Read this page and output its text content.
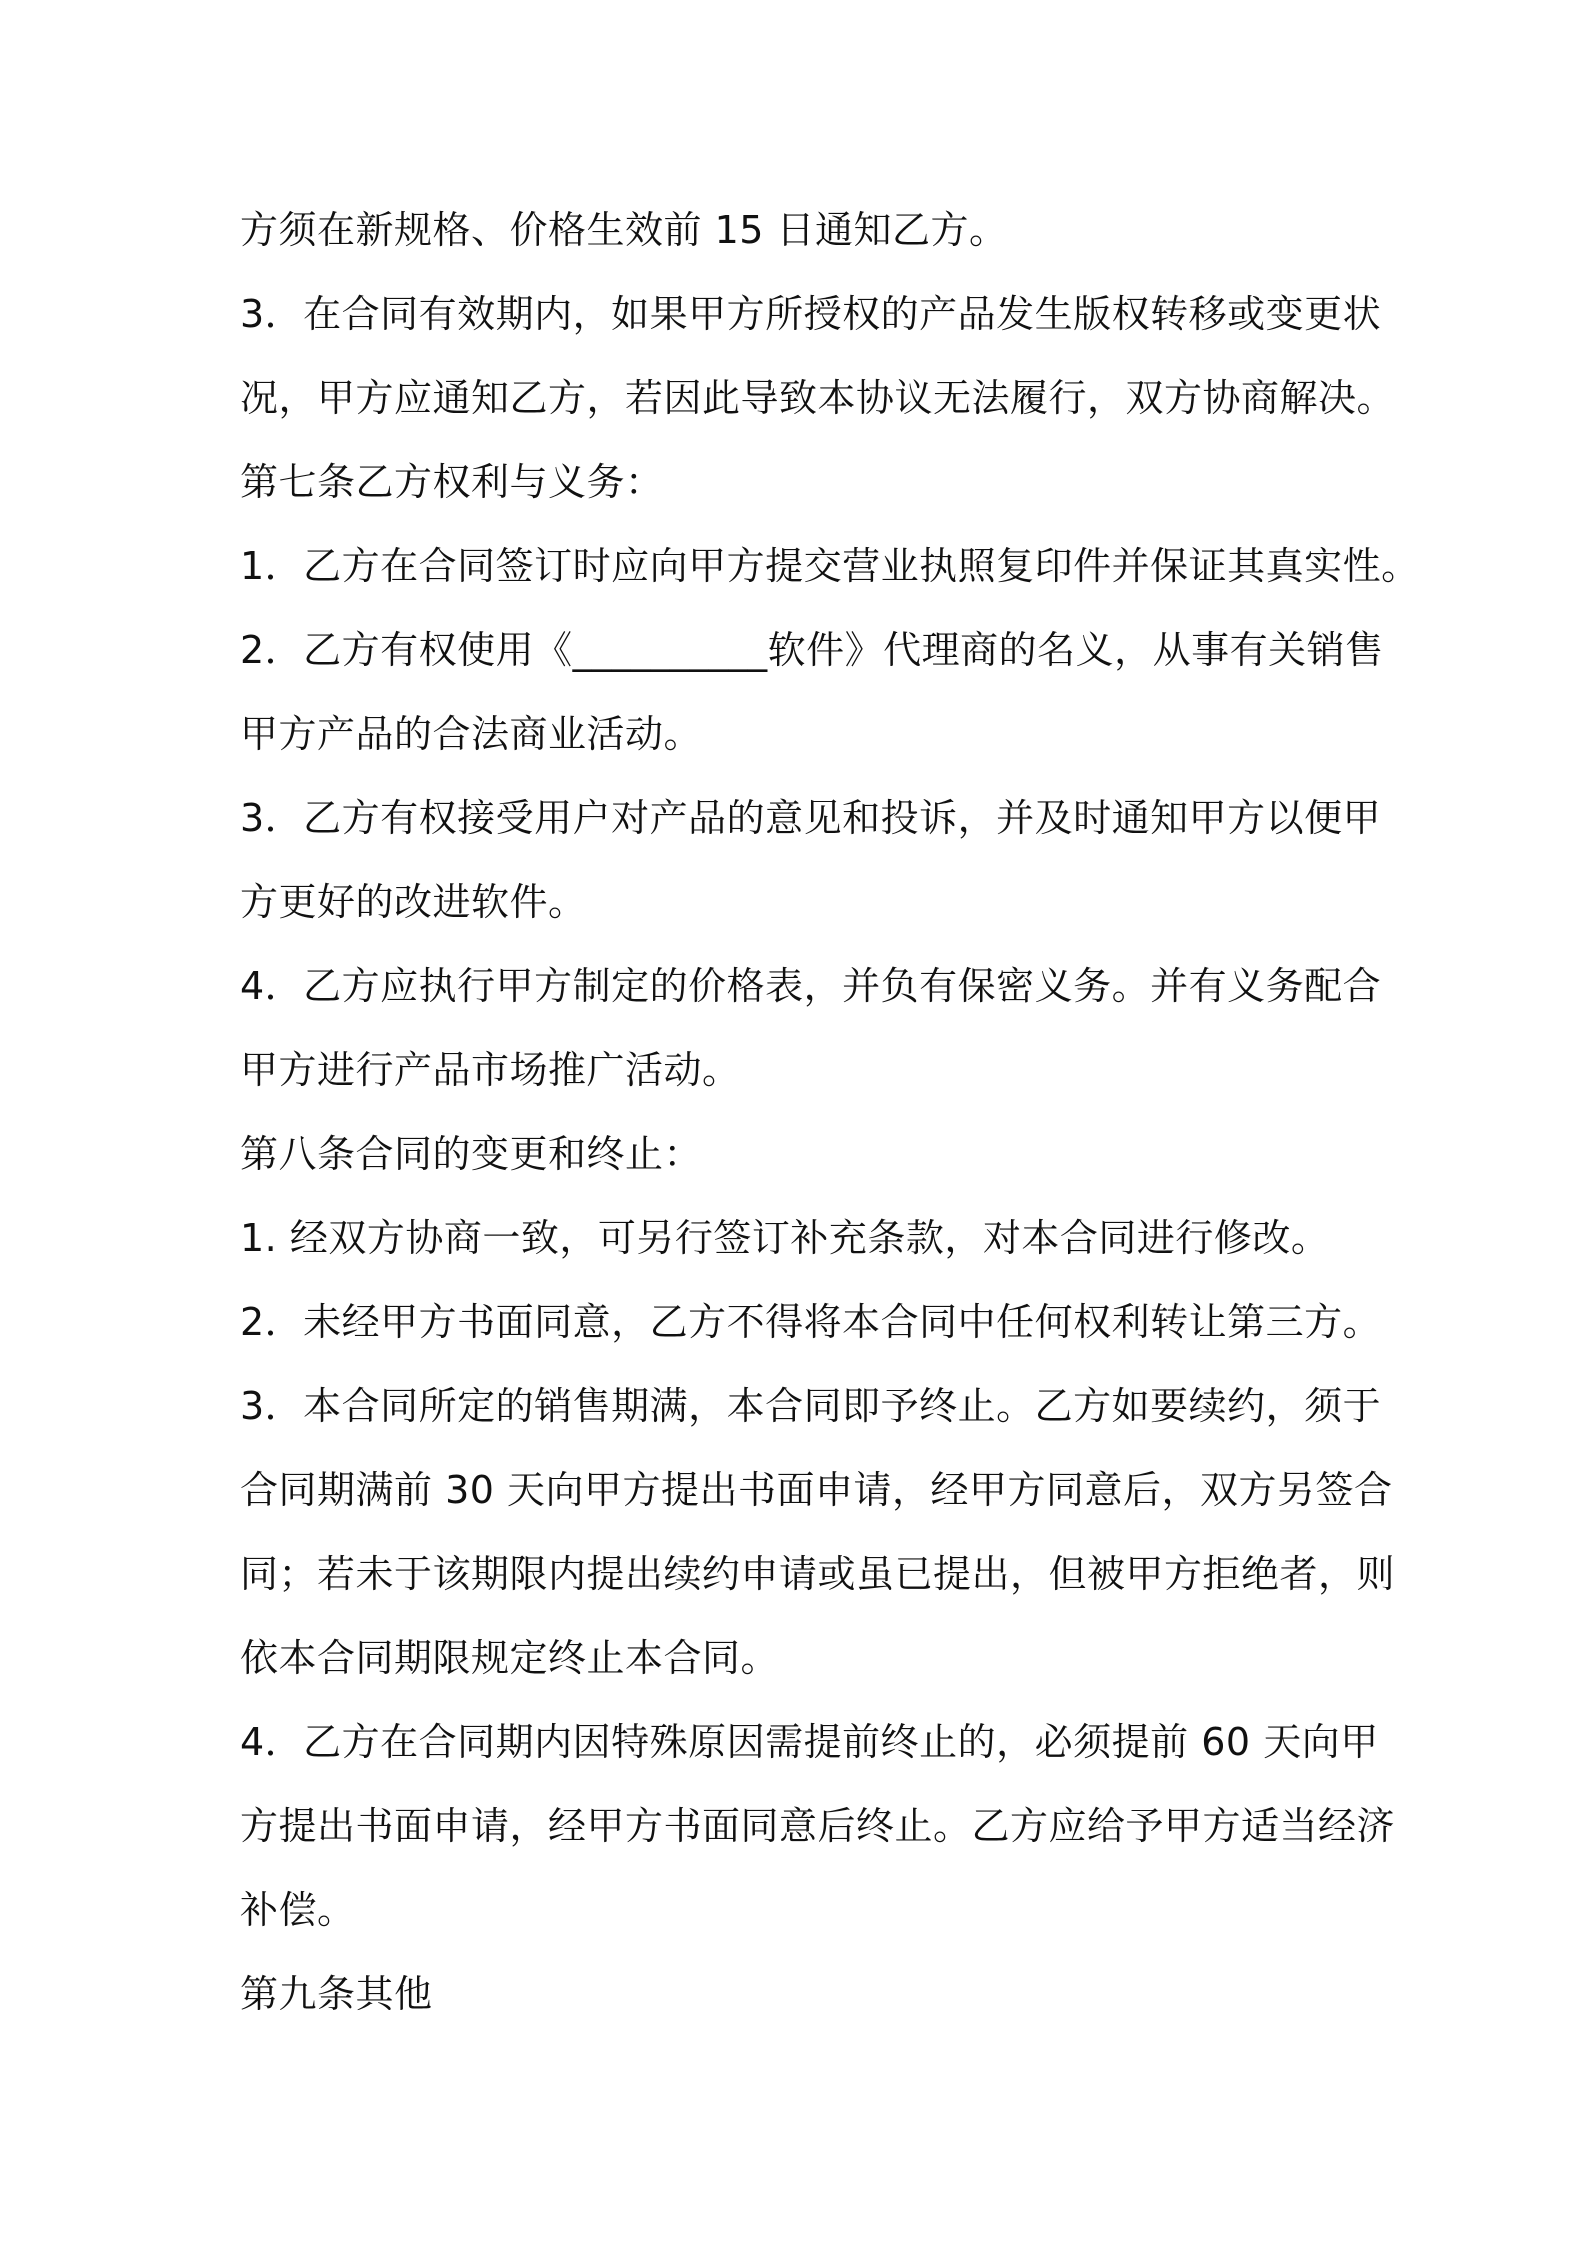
方须在新规格、价格生效前 15 日通知乙方。
3．在合同有效期内，如果甲方所授权的产品发生版权转移或变更状
况，甲方应通知乙方，若因此导致本协议无法履行，双方协商解决。
第七条乙方权利与义务：
1．乙方在合同签订时应向甲方提交营业执照复印件并保证其真实性。
2．乙方有权使用《__________软件》代理商的名义，从事有关销售
甲方产品的合法商业活动。
3．乙方有权接受用户对产品的意见和投诉，并及时通知甲方以便甲
方更好的改进软件。
4．乙方应执行甲方制定的价格表，并负有保密义务。并有义务配合
甲方进行产品市场推广活动。
第八条合同的变更和终止：
1. 经双方协商一致，可另行签订补充条款，对本合同进行修改。
2．未经甲方书面同意，乙方不得将本合同中任何权利转让第三方。
3．本合同所定的销售期满，本合同即予终止。乙方如要续约，须于
合同期满前 30 天向甲方提出书面申请，经甲方同意后，双方另签合
同；若未于该期限内提出续约申请或虽已提出，但被甲方拒绝者，则
依本合同期限规定终止本合同。
4．乙方在合同期内因特殊原因需提前终止的，必须提前 60 天向甲
方提出书面申请，经甲方书面同意后终止。乙方应给予甲方适当经济
补偿。
第九条其他
